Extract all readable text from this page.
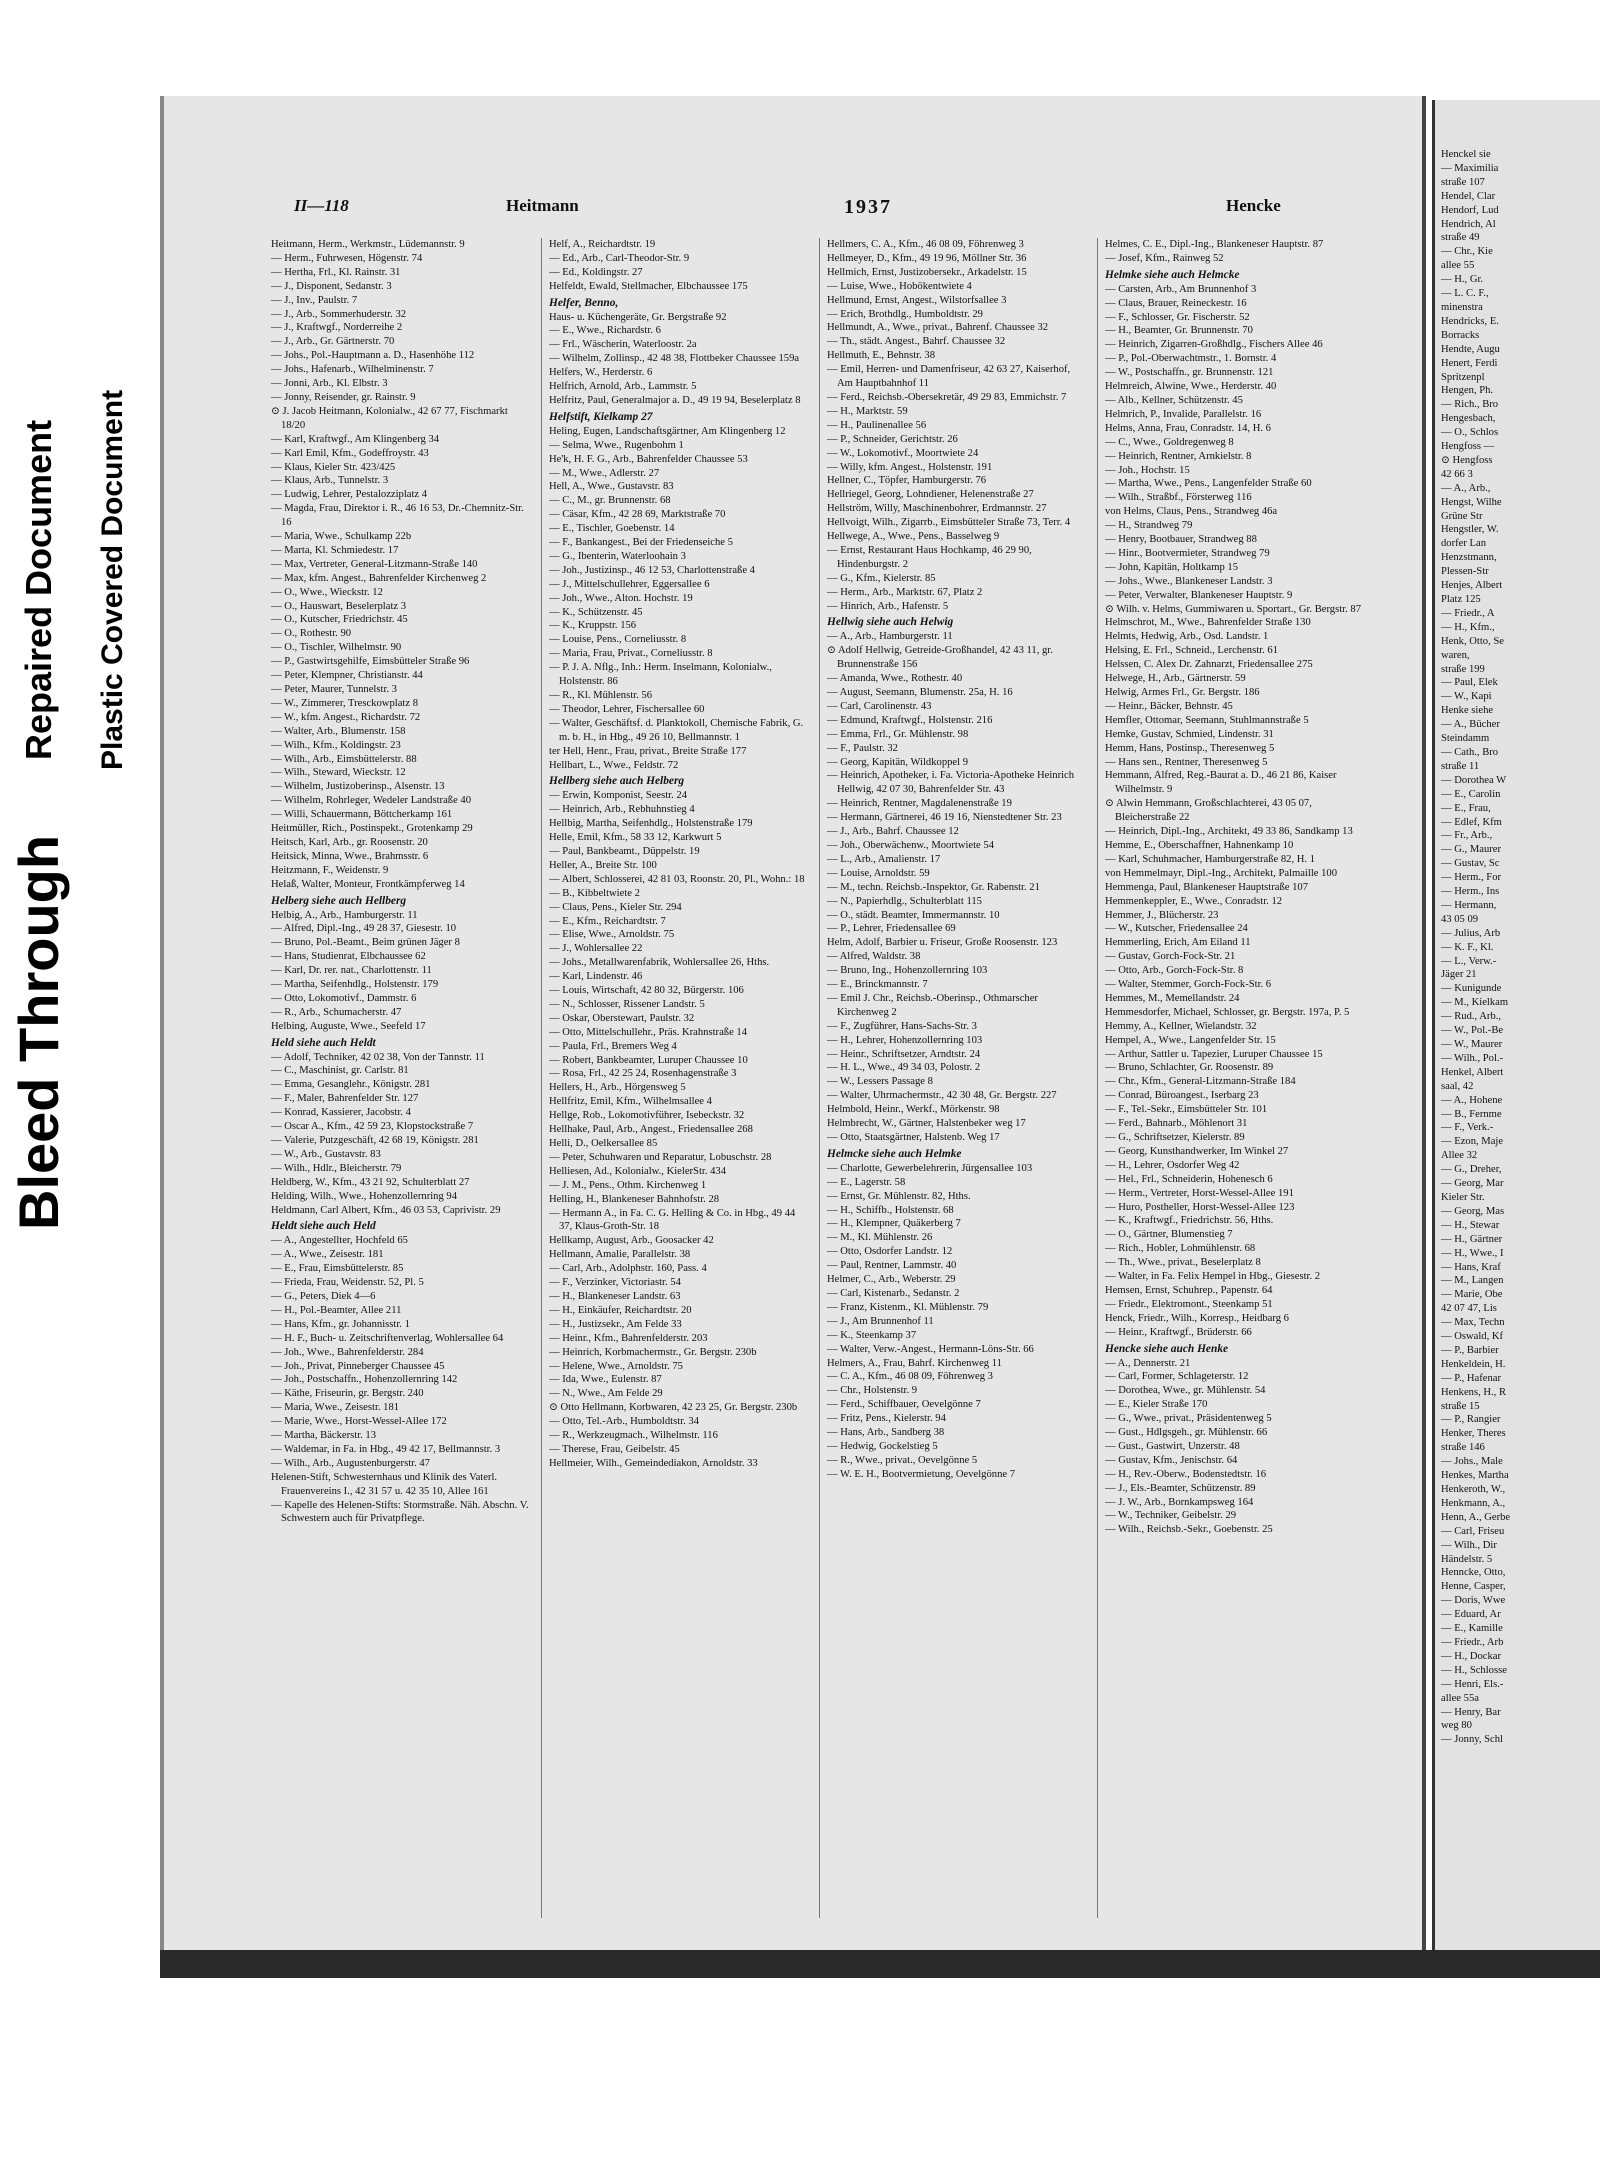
Bleed Through
Repaired Document Plastic Covered Document
II—118	Heitmann	1937	Hencke

Heitmann, Herm., Werkmstr., Lüdemannstr. 9

— Herm., Fuhrwesen, Högenstr. 74

— Hertha, Frl., Kl. Rainstr. 31

— J., Disponent, Sedanstr. 3

— J., Inv., Paulstr. 7

— J., Arb., Sommerhuderstr. 32

— J., Kraftwgf., Norderreihe 2

— J., Arb., Gr. Gärtnerstr. 70

— Johs., Pol.-Hauptmann a. D., Hasenhöhe 112

— Johs., Hafenarb., Wilhelminenstr. 7

— Jonni, Arb., Kl. Elbstr. 3

— Jonny, Reisender, gr. Rainstr. 9

⊙ J. Jacob Heitmann, Kolonialw., 42 67 77, Fischmarkt 18/20

— Karl, Kraftwgf., Am Klingenberg 34

— Karl Emil, Kfm., Godeffroystr. 43

— Klaus, Kieler Str. 423/425

— Klaus, Arb., Tunnelstr. 3

— Ludwig, Lehrer, Pestalozziplatz 4

— Magda, Frau, Direktor i. R., 46 16 53, Dr.-Chemnitz-Str. 16

— Maria, Wwe., Schulkamp 22b

— Marta, Kl. Schmiedestr. 17

— Max, Vertreter, General-Litzmann-Straße 140

— Max, kfm. Angest., Bahrenfelder Kirchenweg 2

— O., Wwe., Wieckstr. 12

— O., Hauswart, Beselerplatz 3

— O., Kutscher, Friedrichstr. 45

— O., Rothestr. 90

— O., Tischler, Wilhelmstr. 90

— P., Gastwirtsgehilfe, Eimsbütteler Straße 96

— Peter, Klempner, Christianstr. 44

— Peter, Maurer, Tunnelstr. 3

— W., Zimmerer, Tresckowplatz 8

— W., kfm. Angest., Richardstr. 72

— Walter, Arb., Blumenstr. 158

— Wilh., Kfm., Koldingstr. 23

— Wilh., Arb., Eimsbüttelerstr. 88

— Wilh., Steward, Wieckstr. 12

— Wilhelm, Justizoberinsp., Alsenstr. 13

— Wilhelm, Rohrleger, Wedeler Landstraße 40

— Willi, Schauermann, Böttcherkamp 161

Heitmüller, Rich., Postinspekt., Grotenkamp 29

Heitsch, Karl, Arb., gr. Roosenstr. 20

Heitsick, Minna, Wwe., Brahmsstr. 6

Heitzmann, F., Weidenstr. 9

Helaß, Walter, Monteur, Frontkämpferweg 14

Helberg siehe auch Hellberg

Helbig, A., Arb., Hamburgerstr. 11

— Alfred, Dipl.-Ing., 49 28 37, Giesestr. 10

— Bruno, Pol.-Beamt., Beim grünen Jäger 8

— Hans, Studienrat, Elbchaussee 62

— Karl, Dr. rer. nat., Charlottenstr. 11

— Martha, Seifenhdlg., Holstenstr. 179

— Otto, Lokomotivf., Dammstr. 6

— R., Arb., Schumacherstr. 47

Helbing, Auguste, Wwe., Seefeld 17

Held siehe auch Heldt

— Adolf, Techniker, 42 02 38, Von der Tannstr. 11

— C., Maschinist, gr. Carlstr. 81

— Emma, Gesanglehr., Königstr. 281

— F., Maler, Bahrenfelder Str. 127

— Konrad, Kassierer, Jacobstr. 4

— Oscar A., Kfm., 42 59 23, Klopstockstraße 7

— Valerie, Putzgeschäft, 42 68 19, Königstr. 281

— W., Arb., Gustavstr. 83

— Wilh., Hdlr., Bleicherstr. 79

Heldberg, W., Kfm., 43 21 92, Schulterblatt 27

Helding, Wilh., Wwe., Hohenzollernring 94

Heldmann, Carl Albert, Kfm., 46 03 53, Caprivistr. 29

Heldt siehe auch Held

— A., Angestellter, Hochfeld 65

— A., Wwe., Zeisestr. 181

— E., Frau, Eimsbüttelerstr. 85

— Frieda, Frau, Weidenstr. 52, Pl. 5

— G., Peters, Diek 4—6

— H., Pol.-Beamter, Allee 211

— Hans, Kfm., gr. Johannisstr. 1

— H. F., Buch- u. Zeitschriftenverlag, Wohlersallee 64

— Joh., Wwe., Bahrenfelderstr. 284

— Joh., Privat, Pinneberger Chaussee 45

— Joh., Postschaffn., Hohenzollernring 142

— Käthe, Friseurin, gr. Bergstr. 240

— Maria, Wwe., Zeisestr. 181

— Marie, Wwe., Horst-Wessel-Allee 172

— Martha, Bäckerstr. 13

— Waldemar, in Fa. in Hbg., 49 42 17, Bellmannstr. 3

— Wilh., Arb., Augustenburgerstr. 47

Helenen-Stift, Schwesternhaus und Klinik des Vaterl. Frauenvereins I., 42 31 57 u. 42 35 10, Allee 161

— Kapelle des Helenen-Stifts: Stormstraße. Näh. Abschn. V. Schwestern auch für Privatpflege.

Helf, A., Reichardtstr. 19

— Ed., Arb., Carl-Theodor-Str. 9

— Ed., Koldingstr. 27

Helfeldt, Ewald, Stellmacher, Elbchaussee 175

Helfer, Benno,

Haus- u. Küchengeräte, Gr. Bergstraße 92

— E., Wwe., Richardstr. 6

— Frl., Wäscherin, Waterloostr. 2a

— Wilhelm, Zollinsp., 42 48 38, Flottbeker Chaussee 159a

Helfers, W., Herderstr. 6

Helfrich, Arnold, Arb., Lammstr. 5

Helfritz, Paul, Generalmajor a. D., 49 19 94, Beselerplatz 8

Helfstift, Kielkamp 27

Heling, Eugen, Landschaftsgärtner, Am Klingenberg 12

— Selma, Wwe., Rugenbohm 1

He'k, H. F. G., Arb., Bahrenfelder Chaussee 53

— M., Wwe., Adlerstr. 27

Hell, A., Wwe., Gustavstr. 83

— C., M., gr. Brunnenstr. 68

— Cäsar, Kfm., 42 28 69, Marktstraße 70

— E., Tischler, Goebenstr. 14

— F., Bankangest., Bei der Friedenseiche 5

— G., Ibenterin, Waterloohain 3

— Joh., Justizinsp., 46 12 53, Charlottenstraße 4

— J., Mittelschullehrer, Eggersallee 6

— Joh., Wwe., Alton. Hochstr. 19

— K., Schützenstr. 45

— K., Kruppstr. 156

— Louise, Pens., Corneliusstr. 8

— Maria, Frau, Privat., Corneliusstr. 8

— P. J. A. Nflg., Inh.: Herm. Inselmann, Kolonialw., Holstenstr. 86

— R., Kl. Mühlenstr. 56

— Theodor, Lehrer, Fischersallee 60

— Walter, Geschäftsf. d. Planktokoll, Chemische Fabrik, G. m. b. H., in Hbg., 49 26 10, Bellmannstr. 1

ter Hell, Henr., Frau, privat., Breite Straße 177

Hellbart, L., Wwe., Feldstr. 72

Hellberg siehe auch Helberg

— Erwin, Komponist, Seestr. 24

— Heinrich, Arb., Rebhuhnstieg 4

Hellbig, Martha, Seifenhdlg., Holstenstraße 179

Helle, Emil, Kfm., 58 33 12, Karkwurt 5

— Paul, Bankbeamt., Düppelstr. 19

Heller, A., Breite Str. 100

— Albert, Schlosserei, 42 81 03, Roonstr. 20, Pl., Wohn.: 18

— B., Kibbeltwiete 2

— Claus, Pens., Kieler Str. 294

— E., Kfm., Reichardtstr. 7

— Elise, Wwe., Arnoldstr. 75

— J., Wohlersallee 22

— Johs., Metallwarenfabrik, Wohlersallee 26, Hths.

— Karl, Lindenstr. 46

— Louis, Wirtschaft, 42 80 32, Bürgerstr. 106

— N., Schlosser, Rissener Landstr. 5

— Oskar, Oberstewart, Paulstr. 32

— Otto, Mittelschullehr., Präs. Krahnstraße 14

— Paula, Frl., Bremers Weg 4

— Robert, Bankbeamter, Luruper Chaussee 10

— Rosa, Frl., 42 25 24, Rosenhagenstraße 3

Hellers, H., Arb., Hörgensweg 5

Hellfritz, Emil, Kfm., Wilhelmsallee 4

Hellge, Rob., Lokomotivführer, Isebeckstr. 32

Hellhake, Paul, Arb., Angest., Friedensallee 268

Helli, D., Oelkersallee 85

— Peter, Schuhwaren und Reparatur, Lobuschstr. 28

Helliesen, Ad., Kolonialw., KielerStr. 434

— J. M., Pens., Othm. Kirchenweg 1

Helling, H., Blankeneser Bahnhofstr. 28

— Hermann A., in Fa. C. G. Helling & Co. in Hbg., 49 44 37, Klaus-Groth-Str. 18

Hellkamp, August, Arb., Goosacker 42

Hellmann, Amalie, Parallelstr. 38

— Carl, Arb., Adolphstr. 160, Pass. 4

— F., Verzinker, Victoriastr. 54

— H., Blankeneser Landstr. 63

— H., Einkäufer, Reichardtstr. 20

— H., Justizsekr., Am Felde 33

— Heinr., Kfm., Bahrenfelderstr. 203

— Heinrich, Korbmachermstr., Gr. Bergstr. 230b

— Helene, Wwe., Arnoldstr. 75

— Ida, Wwe., Eulenstr. 87

— N., Wwe., Am Felde 29

⊙ Otto Hellmann, Korbwaren, 42 23 25, Gr. Bergstr. 230b

— Otto, Tel.-Arb., Humboldtstr. 34

— R., Werkzeugmach., Wilhelmstr. 116

— Therese, Frau, Geibelstr. 45

Hellmeier, Wilh., Gemeindediakon, Arnoldstr. 33

Hellmers, C. A., Kfm., 46 08 09, Föhrenweg 3

Hellmeyer, D., Kfm., 49 19 96, Möllner Str. 36

Hellmich, Ernst, Justizobersekr., Arkadelstr. 15

— Luise, Wwe., Hobökentwiete 4

Hellmund, Ernst, Angest., Wilstorfsallee 3

— Erich, Brothdlg., Humboldtstr. 29

Hellmundt, A., Wwe., privat., Bahrenf. Chaussee 32

— Th., städt. Angest., Bahrf. Chaussee 32

Hellmuth, E., Behnstr. 38

— Emil, Herren- und Damenfriseur, 42 63 27, Kaiserhof, Am Hauptbahnhof 11

— Ferd., Reichsb.-Obersekretär, 49 29 83, Emmichstr. 7

— H., Marktstr. 59

— H., Paulinenallee 56

— P., Schneider, Gerichtstr. 26

— W., Lokomotivf., Moortwiete 24

— Willy, kfm. Angest., Holstenstr. 191

Hellner, C., Töpfer, Hamburgerstr. 76

Hellriegel, Georg, Lohndiener, Helenenstraße 27

Hellström, Willy, Maschinenbohrer, Erdmannstr. 27

Hellvoigt, Wilh., Zigarrb., Eimsbütteler Straße 73, Terr. 4

Hellwege, A., Wwe., Pens., Basselweg 9

— Ernst, Restaurant Haus Hochkamp, 46 29 90, Hindenburgstr. 2

— G., Kfm., Kielerstr. 85

— Herm., Arb., Marktstr. 67, Platz 2

— Hinrich, Arb., Hafenstr. 5

Hellwig siehe auch Helwig

— A., Arb., Hamburgerstr. 11

⊙ Adolf Hellwig, Getreide-Großhandel, 42 43 11, gr. Brunnenstraße 156

— Amanda, Wwe., Rothestr. 40

— August, Seemann, Blumenstr. 25a, H. 16

— Carl, Carolinenstr. 43

— Edmund, Kraftwgf., Holstenstr. 216

— Emma, Frl., Gr. Mühlenstr. 98

— F., Paulstr. 32

— Georg, Kapitän, Wildkoppel 9

— Heinrich, Apotheker, i. Fa. Victoria-Apotheke Heinrich Hellwig, 42 07 30, Bahrenfelder Str. 43

— Heinrich, Rentner, Magdalenenstraße 19

— Hermann, Gärtnerei, 46 19 16, Nienstedtener Str. 23

— J., Arb., Bahrf. Chaussee 12

— Joh., Oberwächenw., Moortwiete 54

— L., Arb., Amalienstr. 17

— Louise, Arnoldstr. 59

— M., techn. Reichsb.-Inspektor, Gr. Rabenstr. 21

— N., Papierhdlg., Schulterblatt 115

— O., städt. Beamter, Immermannstr. 10

— P., Lehrer, Friedensallee 69

Helm, Adolf, Barbier u. Friseur, Große Roosenstr. 123

— Alfred, Waldstr. 38

— Bruno, Ing., Hohenzollernring 103

— E., Brinckmannstr. 7

— Emil J. Chr., Reichsb.-Oberinsp., Othmarscher Kirchenweg 2

— F., Zugführer, Hans-Sachs-Str. 3

— H., Lehrer, Hohenzollernring 103

— Heinr., Schriftsetzer, Arndtstr. 24

— H. L., Wwe., 49 34 03, Polostr. 2

— W., Lessers Passage 8

— Walter, Uhrmachermstr., 42 30 48, Gr. Bergstr. 227

Helmbold, Heinr., Werkf., Mörkenstr. 98

Helmbrecht, W., Gärtner, Halstenbeker weg 17

— Otto, Staatsgärtner, Halstenb. Weg 17

Helmcke siehe auch Helmke

— Charlotte, Gewerbelehrerin, Jürgensallee 103

— E., Lagerstr. 58

— Ernst, Gr. Mühlenstr. 82, Hths.

— H., Schiffb., Holstenstr. 68

— H., Klempner, Quäkerberg 7

— M., Kl. Mühlenstr. 26

— Otto, Osdorfer Landstr. 12

— Paul, Rentner, Lammstr. 40

Helmer, C., Arb., Weberstr. 29

— Carl, Kistenarb., Sedanstr. 2

— Franz, Kistenm., Kl. Mühlenstr. 79

— J., Am Brunnenhof 11

— K., Steenkamp 37

— Walter, Verw.-Angest., Hermann-Löns-Str. 66

Helmers, A., Frau, Bahrf. Kirchenweg 11

— C. A., Kfm., 46 08 09, Föhrenweg 3

— Chr., Holstenstr. 9

— Ferd., Schiffbauer, Oevelgönne 7

— Fritz, Pens., Kielerstr. 94

— Hans, Arb., Sandberg 38

— Hedwig, Gockelstieg 5

— R., Wwe., privat., Oevelgönne 5

— W. E. H., Bootvermietung, Oevelgönne 7

Helmes, C. E., Dipl.-Ing., Blankeneser Hauptstr. 87

— Josef, Kfm., Rainweg 52

Helmke siehe auch Helmcke

— Carsten, Arb., Am Brunnenhof 3

— Claus, Brauer, Reineckestr. 16

— F., Schlosser, Gr. Fischerstr. 52

— H., Beamter, Gr. Brunnenstr. 70

— Heinrich, Zigarren-Großhdlg., Fischers Allee 46

— P., Pol.-Oberwachtmstr., 1. Bornstr. 4

— W., Postschaffn., gr. Brunnenstr. 121

Helmreich, Alwine, Wwe., Herderstr. 40

— Alb., Kellner, Schützenstr. 45

Helmrich, P., Invalide, Parallelstr. 16

Helms, Anna, Frau, Conradstr. 14, H. 6

— C., Wwe., Goldregenweg 8

— Heinrich, Rentner, Arnkielstr. 8

— Joh., Hochstr. 15

— Martha, Wwe., Pens., Langenfelder Straße 60

— Wilh., Straßbf., Försterweg 116

von Helms, Claus, Pens., Strandweg 46a

— H., Strandweg 79

— Henry, Bootbauer, Strandweg 88

— Hinr., Bootvermieter, Strandweg 79

— John, Kapitän, Holtkamp 15

— Johs., Wwe., Blankeneser Landstr. 3

— Peter, Verwalter, Blankeneser Hauptstr. 9

⊙ Wilh. v. Helms, Gummiwaren u. Sportart., Gr. Bergstr. 87

Helmschrot, M., Wwe., Bahrenfelder Straße 130

Helmts, Hedwig, Arb., Osd. Landstr. 1

Helsing, E. Frl., Schneid., Lerchenstr. 61

Helssen, C. Alex Dr. Zahnarzt, Friedensallee 275

Helwege, H., Arb., Gärtnerstr. 59

Helwig, Armes Frl., Gr. Bergstr. 186

— Heinr., Bäcker, Behnstr. 45

Hemfler, Ottomar, Seemann, Stuhlmannstraße 5

Hemke, Gustav, Schmied, Lindenstr. 31

Hemm, Hans, Postinsp., Theresenweg 5

— Hans sen., Rentner, Theresenweg 5

Hemmann, Alfred, Reg.-Baurat a. D., 46 21 86, Kaiser Wilhelmstr. 9

⊙ Alwin Hemmann, Großschlachterei, 43 05 07, Bleicherstraße 22

— Heinrich, Dipl.-Ing., Architekt, 49 33 86, Sandkamp 13

Hemme, E., Oberschaffner, Hahnenkamp 10

— Karl, Schuhmacher, Hamburgerstraße 82, H. 1

von Hemmelmayr, Dipl.-Ing., Architekt, Palmaille 100

Hemmenga, Paul, Blankeneser Hauptstraße 107

Hemmenkeppler, E., Wwe., Conradstr. 12

Hemmer, J., Blücherstr. 23

— W., Kutscher, Friedensallee 24

Hemmerling, Erich, Am Eiland 11

— Gustav, Gorch-Fock-Str. 21

— Otto, Arb., Gorch-Fock-Str. 8

— Walter, Stemmer, Gorch-Fock-Str. 6

Hemmes, M., Memellandstr. 24

Hemmesdorfer, Michael, Schlosser, gr. Bergstr. 197a, P. 5

Hemmy, A., Kellner, Wielandstr. 32

Hempel, A., Wwe., Langenfelder Str. 15

— Arthur, Sattler u. Tapezier, Luruper Chaussee 15

— Bruno, Schlachter, Gr. Roosenstr. 89

— Chr., Kfm., General-Litzmann-Straße 184

— Conrad, Büroangest., Iserbarg 23

— F., Tel.-Sekr., Eimsbütteler Str. 101

— Ferd., Bahnarb., Möhlenort 31

— G., Schriftsetzer, Kielerstr. 89

— Georg, Kunsthandwerker, Im Winkel 27

— H., Lehrer, Osdorfer Weg 42

— Hel., Frl., Schneiderin, Hohenesch 6

— Herm., Vertreter, Horst-Wessel-Allee 191

— Huro, Postheller, Horst-Wessel-Allee 123

— K., Kraftwgf., Friedrichstr. 56, Hths.

— O., Gärtner, Blumenstieg 7

— Rich., Hobler, Lohmühlenstr. 68

— Th., Wwe., privat., Beselerplatz 8

— Walter, in Fa. Felix Hempel in Hbg., Giesestr. 2

Hemsen, Ernst, Schuhrep., Papenstr. 64

— Friedr., Elektromont., Steenkamp 51

Henck, Friedr., Wilh., Korresp., Heidbarg 6

— Heinr., Kraftwgf., Brüderstr. 66

Hencke siehe auch Henke

— A., Dennerstr. 21

— Carl, Former, Schlageterstr. 12

— Dorothea, Wwe., gr. Mühlenstr. 54

— E., Kieler Straße 170

— G., Wwe., privat., Präsidentenweg 5

— Gust., Hdlgsgeh., gr. Mühlenstr. 66

— Gust., Gastwirt, Unzerstr. 48

— Gustav, Kfm., Jenischstr. 64

— H., Rev.-Oberw., Bodenstedtstr. 16

— J., Els.-Beamter, Schützenstr. 89

— J. W., Arb., Bornkampsweg 164

— W., Techniker, Geibelstr. 29

— Wilh., Reichsb.-Sekr., Goebenstr. 25

Henckel sie

— Maximilia

straße 107

Hendel, Clar

Hendorf, Lud

Hendrich, Al

straße 49

— Chr., Kie

allee 55

— H., Gr.

— L. C. F.,

minenstra

Hendricks, E.

Borracks

Hendte, Augu

Henert, Ferdi

Spritzenpl

Hengen, Ph.

— Rich., Bro

Hengesbach,

— O., Schlos

Hengfoss —

⊙ Hengfoss

42 66 3

— A., Arb.,

Hengst, Wilhe

Grüne Str

Hengstler, W.

dorfer Lan

Henzstmann,

Plessen-Str

Henjes, Albert

Platz 125

— Friedr., A

— H., Kfm.,

Henk, Otto, Se

waren,

straße 199

— Paul, Elek

— W., Kapi

Henke siehe

— A., Bücher

Steindamm

— Cath., Bro

straße 11

— Dorothea W

— E., Carolin

— E., Frau,

— Edlef, Kfm

— Fr., Arb.,

— G., Maurer

— Gustav, Sc

— Herm., For

— Herm., Ins

— Hermann,

43 05 09

— Julius, Arb

— K. F., Kl.

— L., Verw.-

Jäger 21

— Kunigunde

— M., Kielkam

— Rud., Arb.,

— W., Pol.-Be

— W., Maurer

— Wilh., Pol.-

Henkel, Albert

saal, 42

— A., Hohene

— B., Fernme

— F., Verk.-

— Ezon, Maje

Allee 32

— G., Dreher,

— Georg, Mar

Kieler Str.

— Georg, Mas

— H., Stewar

— H., Gärtner

— H., Wwe., I

— Hans, Kraf

— M., Langen

— Marie, Obe

42 07 47, Lis

— Max, Techn

— Oswald, Kf

— P., Barbier

Henkeldein, H.

— P., Hafenar

Henkens, H., R

straße 15

— P., Rangier

Henker, Theres

straße 146

— Johs., Male

Henkes, Martha

Henkeroth, W.,

Henkmann, A.,

Henn, A., Gerbe

— Carl, Friseu

— Wilh., Dir

Händelstr. 5

Henncke, Otto,

Henne, Casper,

— Doris, Wwe

— Eduard, Ar

— E., Kamille

— Friedr., Arb

— H., Dockar

— H., Schlosse

— Henri, Els.-

allee 55a

— Henry, Bar

weg 80

— Jonny, Schl
